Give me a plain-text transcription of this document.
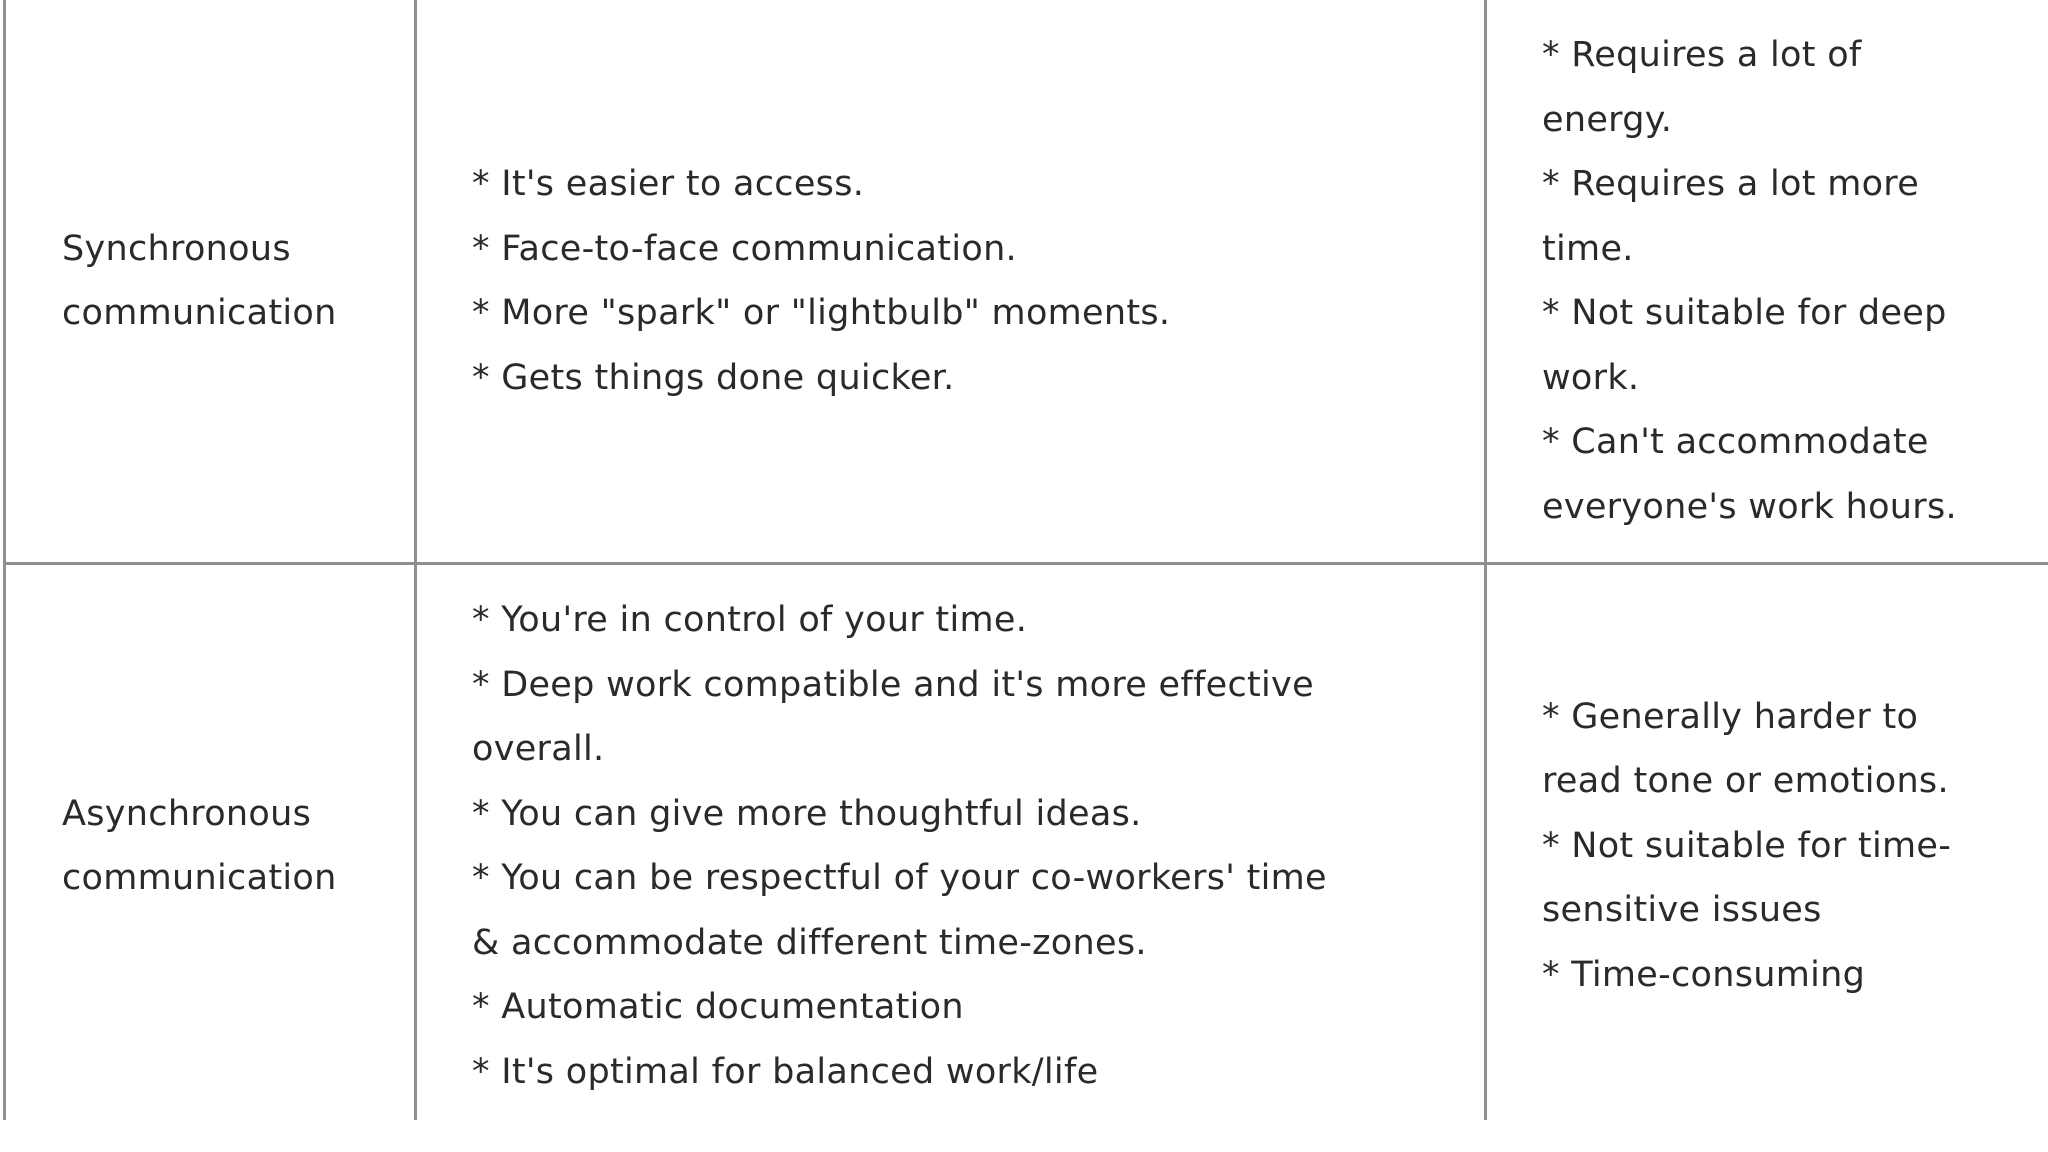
Synchronous
communication
* It's easier to access.
* Face-to-face communication.
* More "spark" or "lightbulb" moments.
* Gets things done quicker.
* Requires a lot of
energy.
* Requires a lot more
time.
* Not suitable for deep
work.
* Can't accommodate
everyone's work hours.
Asynchronous
communication
* You're in control of your time.
* Deep work compatible and it's more effective
overall.
* You can give more thoughtful ideas.
* You can be respectful of your co-workers' time
& accommodate different time-zones.
* Automatic documentation
* It's optimal for balanced work/life
* Generally harder to
read tone or emotions.
* Not suitable for time-
sensitive issues
* Time-consuming
